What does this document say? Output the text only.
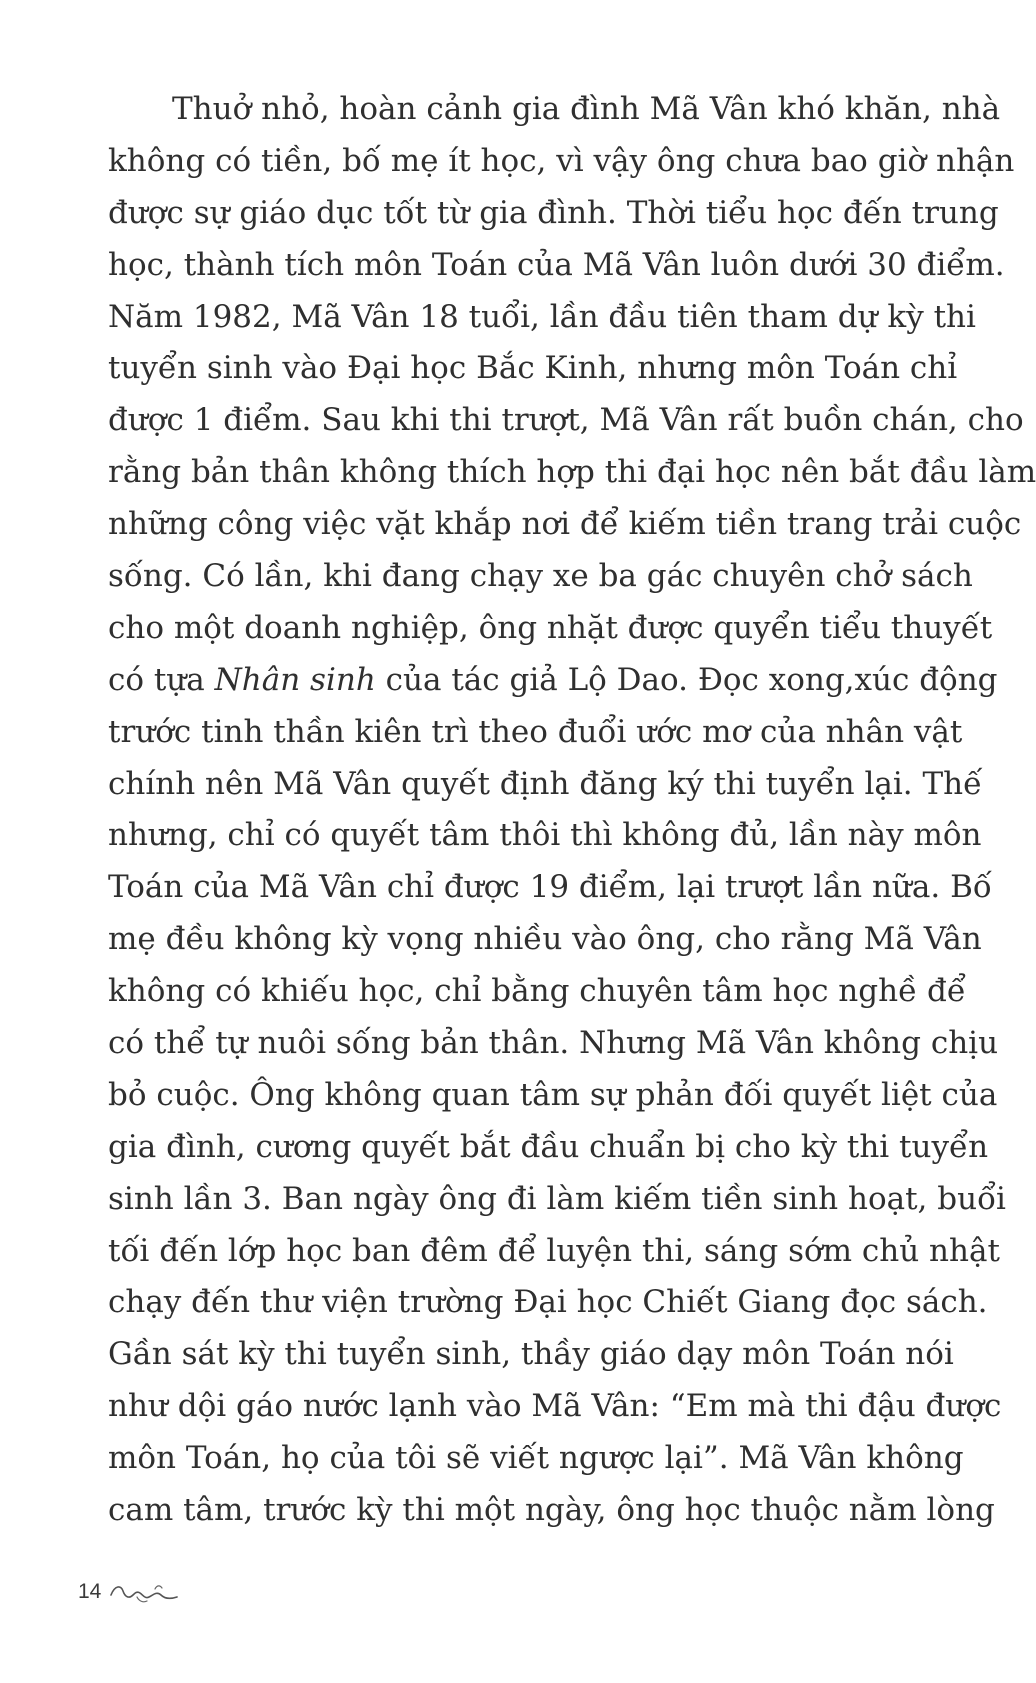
Thuở nhỏ, hoàn cảnh gia đình Mã Vân khó khăn, nhà
không có tiền, bố mẹ ít học, vì vậy ông chưa bao giờ nhận
được sự giáo dục tốt từ gia đình. Thời tiểu học đến trung
học, thành tích môn Toán của Mã Vân luôn dưới 30 điểm.
Năm 1982, Mã Vân 18 tuổi, lần đầu tiên tham dự kỳ thi
tuyển sinh vào Đại học Bắc Kinh, nhưng môn Toán chỉ
được 1 điểm. Sau khi thi trượt, Mã Vân rất buồn chán, cho
rằng bản thân không thích hợp thi đại học nên bắt đầu làm
những công việc vặt khắp nơi để kiếm tiền trang trải cuộc
sống. Có lần, khi đang chạy xe ba gác chuyên chở sách
cho một doanh nghiệp, ông nhặt được quyển tiểu thuyết
có tựa Nhân sinh của tác giả Lộ Dao. Đọc xong,xúc động
trước tinh thần kiên trì theo đuổi ước mơ của nhân vật
chính nên Mã Vân quyết định đăng ký thi tuyển lại. Thế
nhưng, chỉ có quyết tâm thôi thì không đủ, lần này môn
Toán của Mã Vân chỉ được 19 điểm, lại trượt lần nữa. Bố
mẹ đều không kỳ vọng nhiều vào ông, cho rằng Mã Vân
không có khiếu học, chỉ bằng chuyên tâm học nghề để
có thể tự nuôi sống bản thân. Nhưng Mã Vân không chịu
bỏ cuộc. Ông không quan tâm sự phản đối quyết liệt của
gia đình, cương quyết bắt đầu chuẩn bị cho kỳ thi tuyển
sinh lần 3. Ban ngày ông đi làm kiếm tiền sinh hoạt, buổi
tối đến lớp học ban đêm để luyện thi, sáng sớm chủ nhật
chạy đến thư viện trường Đại học Chiết Giang đọc sách.
Gần sát kỳ thi tuyển sinh, thầy giáo dạy môn Toán nói
như dội gáo nước lạnh vào Mã Vân: “Em mà thi đậu được
môn Toán, họ của tôi sẽ viết ngược lại”. Mã Vân không
cam tâm, trước kỳ thi một ngày, ông học thuộc nằm lòng
14
